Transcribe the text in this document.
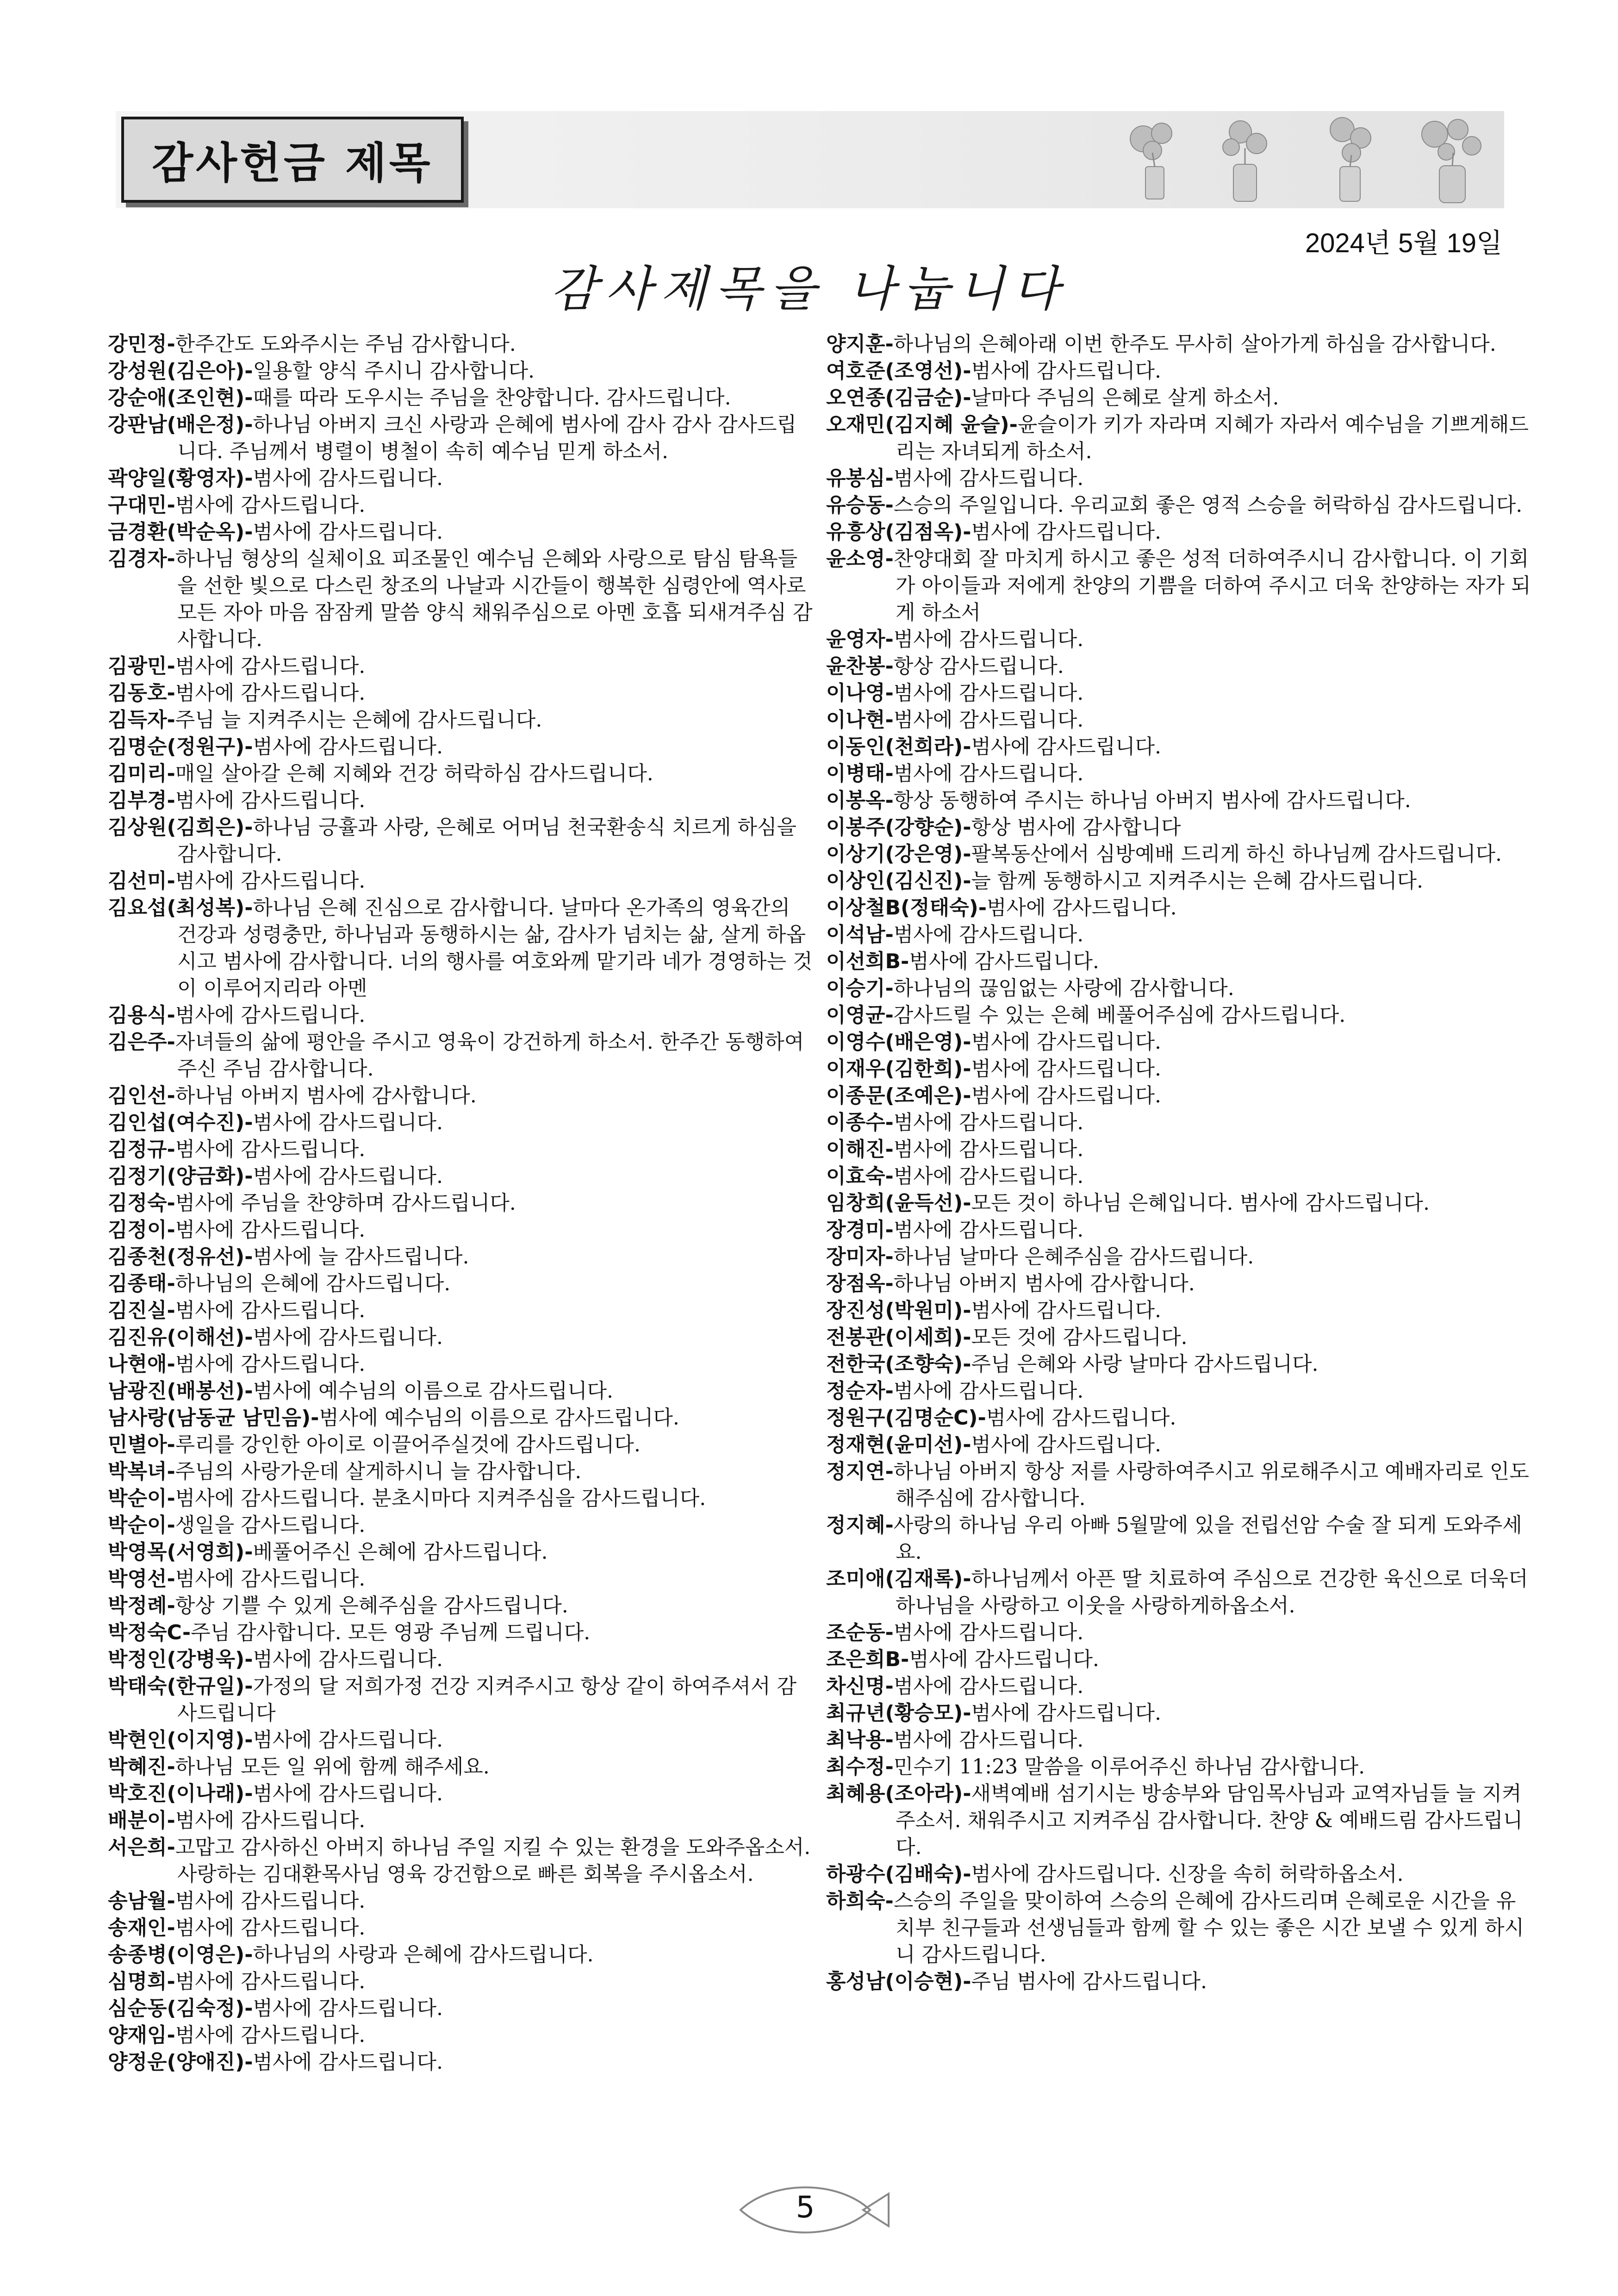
감사헌금 제목
2024년 5월 19일
감사제목을 나눕니다

강민정-한주간도 도와주시는 주님 감사합니다.

강성원(김은아)-일용할 양식 주시니 감사합니다.

강순애(조인현)-때를 따라 도우시는 주님을 찬양합니다. 감사드립니다.

강판남(배은정)-하나님 아버지 크신 사랑과 은혜에 범사에 감사 감사 감사드립니다. 주님께서 병렬이 병철이 속히 예수님 믿게 하소서.

곽양일(황영자)-범사에 감사드립니다.

구대민-범사에 감사드립니다.

금경환(박순옥)-범사에 감사드립니다.

김경자-하나님 형상의 실체이요 피조물인 예수님 은혜와 사랑으로 탐심 탐욕들을 선한 빛으로 다스린 창조의 나날과 시간들이 행복한 심령안에 역사로 모든 자아 마음 잠잠케 말씀 양식 채워주심으로 아멘 호흡 되새겨주심 감사합니다.

김광민-범사에 감사드립니다.

김동호-범사에 감사드립니다.

김득자-주님 늘 지켜주시는 은혜에 감사드립니다.

김명순(정원구)-범사에 감사드립니다.

김미리-매일 살아갈 은혜 지혜와 건강 허락하심 감사드립니다.

김부경-범사에 감사드립니다.

김상원(김희은)-하나님 긍휼과 사랑, 은혜로 어머님 천국환송식 치르게 하심을 감사합니다.

김선미-범사에 감사드립니다.

김요섭(최성복)-하나님 은혜 진심으로 감사합니다. 날마다 온가족의 영육간의 건강과 성령충만, 하나님과 동행하시는 삶, 감사가 넘치는 삶, 살게 하옵시고 범사에 감사합니다. 너의 행사를 여호와께 맡기라 네가 경영하는 것이 이루어지리라 아멘

김용식-범사에 감사드립니다.

김은주-자녀들의 삶에 평안을 주시고 영육이 강건하게 하소서. 한주간 동행하여주신 주님 감사합니다.

김인선-하나님 아버지 범사에 감사합니다.

김인섭(여수진)-범사에 감사드립니다.

김정규-범사에 감사드립니다.

김정기(양금화)-범사에 감사드립니다.

김정숙-범사에 주님을 찬양하며 감사드립니다.

김정이-범사에 감사드립니다.

김종천(정유선)-범사에 늘 감사드립니다.

김종태-하나님의 은혜에 감사드립니다.

김진실-범사에 감사드립니다.

김진유(이해선)-범사에 감사드립니다.

나현애-범사에 감사드립니다.

남광진(배봉선)-범사에 예수님의 이름으로 감사드립니다.

남사랑(남동균 남민음)-범사에 예수님의 이름으로 감사드립니다.

민별아-루리를 강인한 아이로 이끌어주실것에 감사드립니다.

박복녀-주님의 사랑가운데 살게하시니 늘 감사합니다.

박순이-범사에 감사드립니다. 분초시마다 지켜주심을 감사드립니다.

박순이-생일을 감사드립니다.

박영목(서영희)-베풀어주신 은혜에 감사드립니다.

박영선-범사에 감사드립니다.

박정례-항상 기쁠 수 있게 은혜주심을 감사드립니다.

박정숙C-주님 감사합니다. 모든 영광 주님께 드립니다.

박정인(강병욱)-범사에 감사드립니다.

박태숙(한규일)-가정의 달 저희가정 건강 지켜주시고 항상 같이 하여주셔서 감사드립니다

박현인(이지영)-범사에 감사드립니다.

박혜진-하나님 모든 일 위에 함께 해주세요.

박호진(이나래)-범사에 감사드립니다.

배분이-범사에 감사드립니다.

서은희-고맙고 감사하신 아버지 하나님 주일 지킬 수 있는 환경을 도와주옵소서. 사랑하는 김대환목사님 영육 강건함으로 빠른 회복을 주시옵소서.

송남월-범사에 감사드립니다.

송재인-범사에 감사드립니다.

송종병(이영은)-하나님의 사랑과 은혜에 감사드립니다.

심명희-범사에 감사드립니다.

심순동(김숙정)-범사에 감사드립니다.

양재임-범사에 감사드립니다.

양정운(양애진)-범사에 감사드립니다.

양지훈-하나님의 은혜아래 이번 한주도 무사히 살아가게 하심을 감사합니다.

여호준(조영선)-범사에 감사드립니다.

오연종(김금순)-날마다 주님의 은혜로 살게 하소서.

오재민(김지혜 윤슬)-윤슬이가 키가 자라며 지혜가 자라서 예수님을 기쁘게해드리는 자녀되게 하소서.

유봉심-범사에 감사드립니다.

유승동-스승의 주일입니다. 우리교회 좋은 영적 스승을 허락하심 감사드립니다.

유흥상(김점옥)-범사에 감사드립니다.

윤소영-찬양대회 잘 마치게 하시고 좋은 성적 더하여주시니 감사합니다. 이 기회가 아이들과 저에게 찬양의 기쁨을 더하여 주시고 더욱 찬양하는 자가 되게 하소서

윤영자-범사에 감사드립니다.

윤찬봉-항상 감사드립니다.

이나영-범사에 감사드립니다.

이나현-범사에 감사드립니다.

이동인(천희라)-범사에 감사드립니다.

이병태-범사에 감사드립니다.

이봉옥-항상 동행하여 주시는 하나님 아버지 범사에 감사드립니다.

이봉주(강향순)-항상 범사에 감사합니다

이상기(강은영)-팔복동산에서 심방예배 드리게 하신 하나님께 감사드립니다.

이상인(김신진)-늘 함께 동행하시고 지켜주시는 은혜 감사드립니다.

이상철B(정태숙)-범사에 감사드립니다.

이석남-범사에 감사드립니다.

이선희B-범사에 감사드립니다.

이승기-하나님의 끊임없는 사랑에 감사합니다.

이영균-감사드릴 수 있는 은혜 베풀어주심에 감사드립니다.

이영수(배은영)-범사에 감사드립니다.

이재우(김한희)-범사에 감사드립니다.

이종문(조예은)-범사에 감사드립니다.

이종수-범사에 감사드립니다.

이해진-범사에 감사드립니다.

이효숙-범사에 감사드립니다.

임창희(윤득선)-모든 것이 하나님 은혜입니다. 범사에 감사드립니다.

장경미-범사에 감사드립니다.

장미자-하나님 날마다 은혜주심을 감사드립니다.

장점옥-하나님 아버지 범사에 감사합니다.

장진성(박원미)-범사에 감사드립니다.

전봉관(이세희)-모든 것에 감사드립니다.

전한국(조향숙)-주님 은혜와 사랑 날마다 감사드립니다.

정순자-범사에 감사드립니다.

정원구(김명순C)-범사에 감사드립니다.

정재현(윤미선)-범사에 감사드립니다.

정지연-하나님 아버지 항상 저를 사랑하여주시고 위로해주시고 예배자리로 인도해주심에 감사합니다.

정지혜-사랑의 하나님 우리 아빠 5월말에 있을 전립선암 수술 잘 되게 도와주세요.

조미애(김재록)-하나님께서 아픈 딸 치료하여 주심으로 건강한 육신으로 더욱더 하나님을 사랑하고 이웃을 사랑하게하옵소서.

조순동-범사에 감사드립니다.

조은희B-범사에 감사드립니다.

차신명-범사에 감사드립니다.

최규년(황승모)-범사에 감사드립니다.

최낙용-범사에 감사드립니다.

최수정-민수기 11:23 말씀을 이루어주신 하나님 감사합니다.

최혜용(조아라)-새벽예배 섬기시는 방송부와 담임목사님과 교역자님들 늘 지켜주소서. 채워주시고 지켜주심 감사합니다. 찬양 & 예배드림 감사드립니다.

하광수(김배숙)-범사에 감사드립니다. 신장을 속히 허락하옵소서.

하희숙-스승의 주일을 맞이하여 스승의 은혜에 감사드리며 은혜로운 시간을 유치부 친구들과 선생님들과 함께 할 수 있는 좋은 시간 보낼 수 있게 하시니 감사드립니다.

홍성남(이승현)-주님 범사에 감사드립니다.

5
